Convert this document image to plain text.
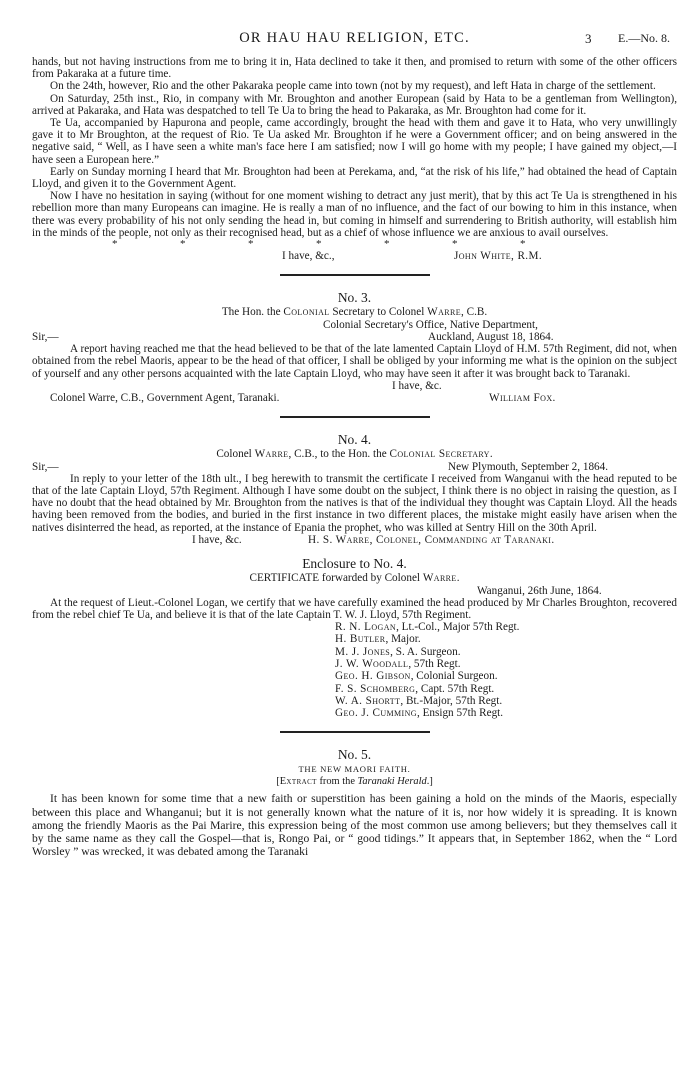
OR HAU HAU RELIGION, ETC.	3 E.—No. 8.

hands, but not having instructions from me to bring it in, Hata declined to take it then, and promised to return with some of the other officers from Pakaraka at a future time.

On the 24th, however, Rio and the other Pakaraka people came into town (not by my request), and left Hata in charge of the settlement.

On Saturday, 25th inst., Rio, in company with Mr. Broughton and another European (said by Hata to be a gentleman from Wellington), arrived at Pakaraka, and Hata was despatched to tell Te Ua to bring the head to Pakaraka, as Mr. Broughton had come for it.

Te Ua, accompanied by Hapurona and people, came accordingly, brought the head with them and gave it to Hata, who very unwillingly gave it to Mr Broughton, at the request of Rio. Te Ua asked Mr. Broughton if he were a Government officer; and on being answered in the negative said, “ Well, as I have seen a white man's face here I am satisfied; now I will go home with my people; I have gained my object,—I have seen a European here.”

Early on Sunday morning I heard that Mr. Broughton had been at Perekama, and, “at the risk of his life,” had obtained the head of Captain Lloyd, and given it to the Government Agent.

Now I have no hesitation in saying (without for one moment wishing to detract any just merit), that by this act Te Ua is strengthened in his rebellion more than many Europeans can imagine. He is really a man of no influence, and the fact of our bowing to him in this instance, when there was every probability of his not only sending the head in, but coming in himself and surrendering to British authority, will establish him in the minds of the people, not only as their recognised head, but as a chief of whose influence we are anxious to avail ourselves.

*	*	*	*	*	*	*
I have, &c.,	John White, R.M.
No. 3.
The Hon. the Colonial Secretary to Colonel Warre, C.B.

Colonial Secretary's Office, Native Department,

Sir,—	Auckland, August 18, 1864.

A report having reached me that the head believed to be that of the late lamented Captain Lloyd of H.M. 57th Regiment, did not, when obtained from the rebel Maoris, appear to be the head of that officer, I shall be obliged by your informing me what is the opinion on the subject of yourself and any other persons acquainted with the late Captain Lloyd, who may have seen it after it was brought back to Taranaki.

I have, &c.
Colonel Warre, C.B., Government Agent, Taranaki.	William Fox.
No. 4.
Colonel Warre, C.B., to the Hon. the Colonial Secretary.
Sir,—	New Plymouth, September 2, 1864.

In reply to your letter of the 18th ult., I beg herewith to transmit the certificate I received from Wanganui with the head reputed to be that of the late Captain Lloyd, 57th Regiment. Although I have some doubt on the subject, I think there is no object in raising the question, as I have no doubt that the head obtained by Mr. Broughton from the natives is that of the individual they thought was Captain Lloyd. All the heads having been removed from the bodies, and buried in the first instance in two different places, the mistake might easily have arisen when the natives disinterred the head, as reported, at the instance of Epania the prophet, who was killed at Sentry Hill on the 30th April.

I have, &c.	H. S. Warre, Colonel, Commanding at Taranaki.
Enclosure to No. 4.
CERTIFICATE forwarded by Colonel Warre.
Wanganui, 26th June, 1864.

At the request of Lieut.-Colonel Logan, we certify that we have carefully examined the head produced by Mr Charles Broughton, recovered from the rebel chief Te Ua, and believe it is that of the late Captain T. W. J. Lloyd, 57th Regiment.

R. N. Logan, Lt.-Col., Major 57th Regt.
H. Butler, Major.
M. J. Jones, S. A. Surgeon.
J. W. Woodall, 57th Regt.
Geo. H. Gibson, Colonial Surgeon.
F. S. Schomberg, Capt. 57th Regt.
W. A. Shortt, Bt.-Major, 57th Regt.
Geo. J. Cumming, Ensign 57th Regt.
No. 5.
THE NEW MAORI FAITH.
[Extract from the Taranaki Herald.]

It has been known for some time that a new faith or superstition has been gaining a hold on the minds of the Maoris, especially between this place and Whanganui; but it is not generally known what the nature of it is, nor how widely it is spreading. It is known among the friendly Maoris as the Pai Marire, this expression being of the most common use among believers; but they themselves call it by the same name as they call the Gospel—that is, Rongo Pai, or “ good tidings.” It appears that, in September 1862, when the “ Lord Worsley ” was wrecked, it was debated among the Taranaki
